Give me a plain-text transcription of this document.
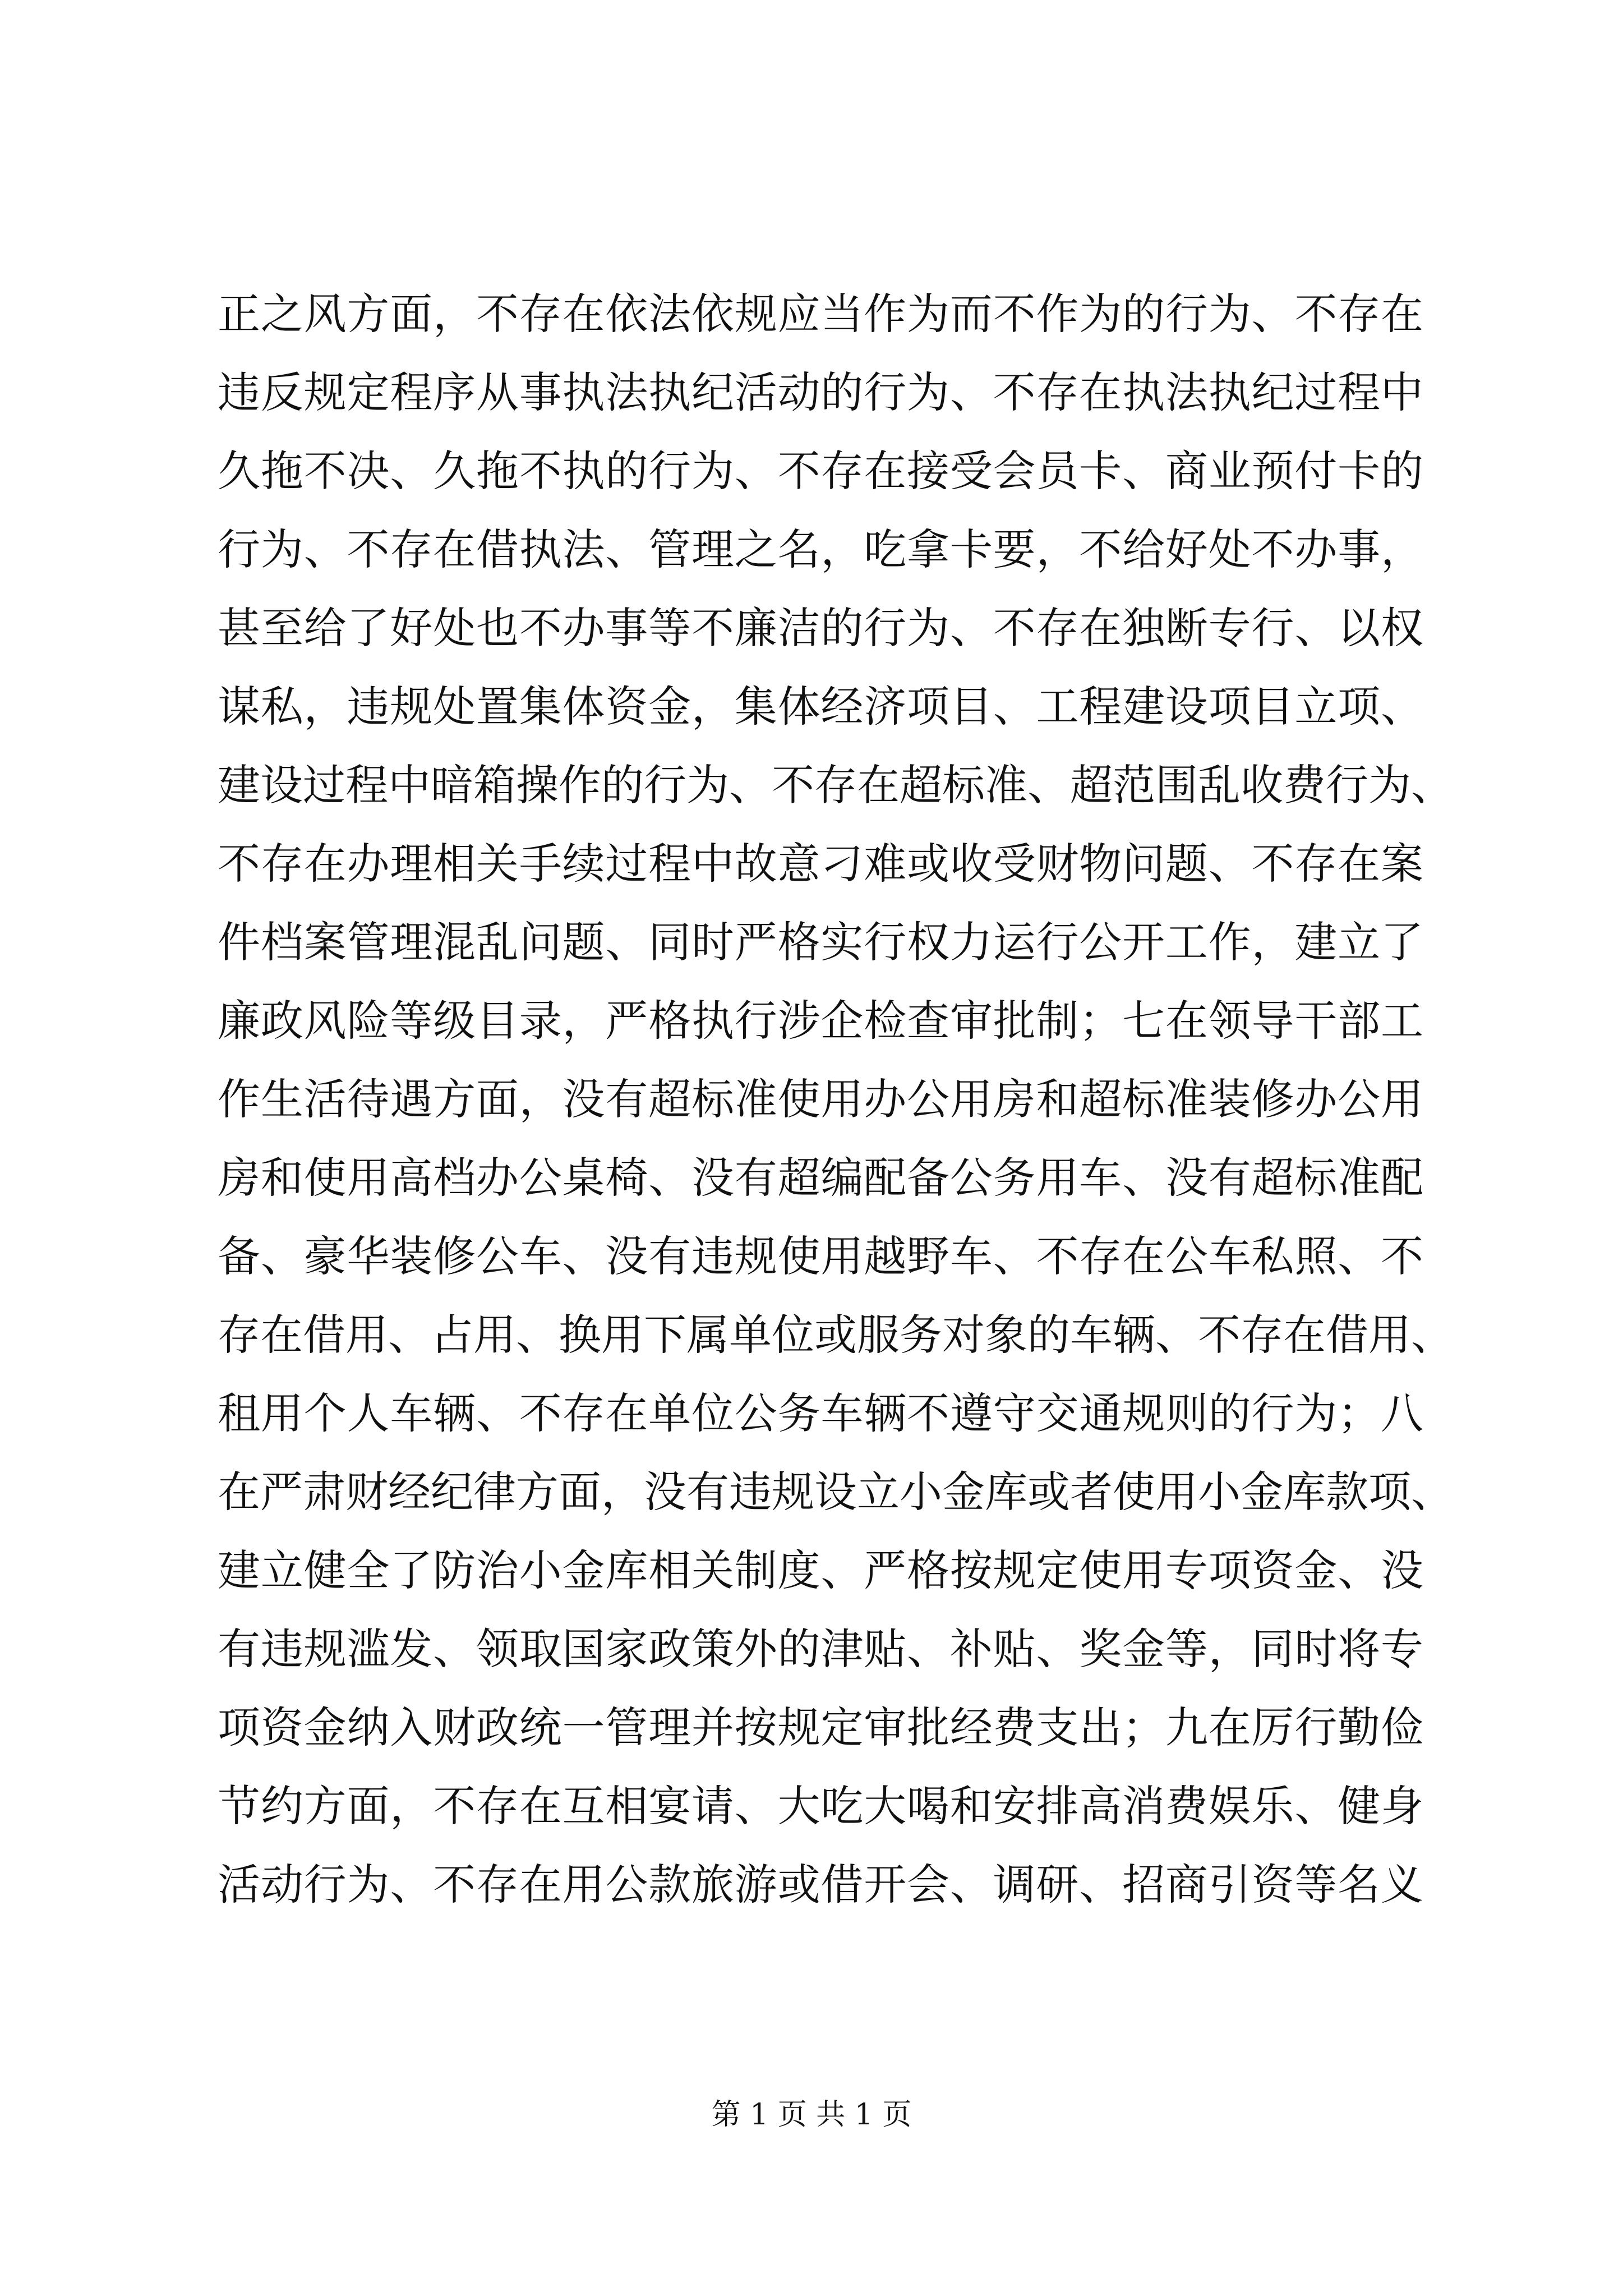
正之风方面，不存在依法依规应当作为而不作为的行为、不存在
违反规定程序从事执法执纪活动的行为、不存在执法执纪过程中
久拖不决、久拖不执的行为、不存在接受会员卡、商业预付卡的
行为、不存在借执法、管理之名，吃拿卡要，不给好处不办事，
甚至给了好处也不办事等不廉洁的行为、不存在独断专行、以权
谋私，违规处置集体资金，集体经济项目、工程建设项目立项、
建设过程中暗箱操作的行为、不存在超标准、超范围乱收费行为、
不存在办理相关手续过程中故意刁难或收受财物问题、不存在案
件档案管理混乱问题、同时严格实行权力运行公开工作，建立了
廉政风险等级目录，严格执行涉企检查审批制；七在领导干部工
作生活待遇方面，没有超标准使用办公用房和超标准装修办公用
房和使用高档办公桌椅、没有超编配备公务用车、没有超标准配
备、豪华装修公车、没有违规使用越野车、不存在公车私照、不
存在借用、占用、换用下属单位或服务对象的车辆、不存在借用、
租用个人车辆、不存在单位公务车辆不遵守交通规则的行为；八
在严肃财经纪律方面，没有违规设立小金库或者使用小金库款项、
建立健全了防治小金库相关制度、严格按规定使用专项资金、没
有违规滥发、领取国家政策外的津贴、补贴、奖金等，同时将专
项资金纳入财政统一管理并按规定审批经费支出；九在厉行勤俭
节约方面，不存在互相宴请、大吃大喝和安排高消费娱乐、健身
活动行为、不存在用公款旅游或借开会、调研、招商引资等名义
第 1 页 共 1 页
